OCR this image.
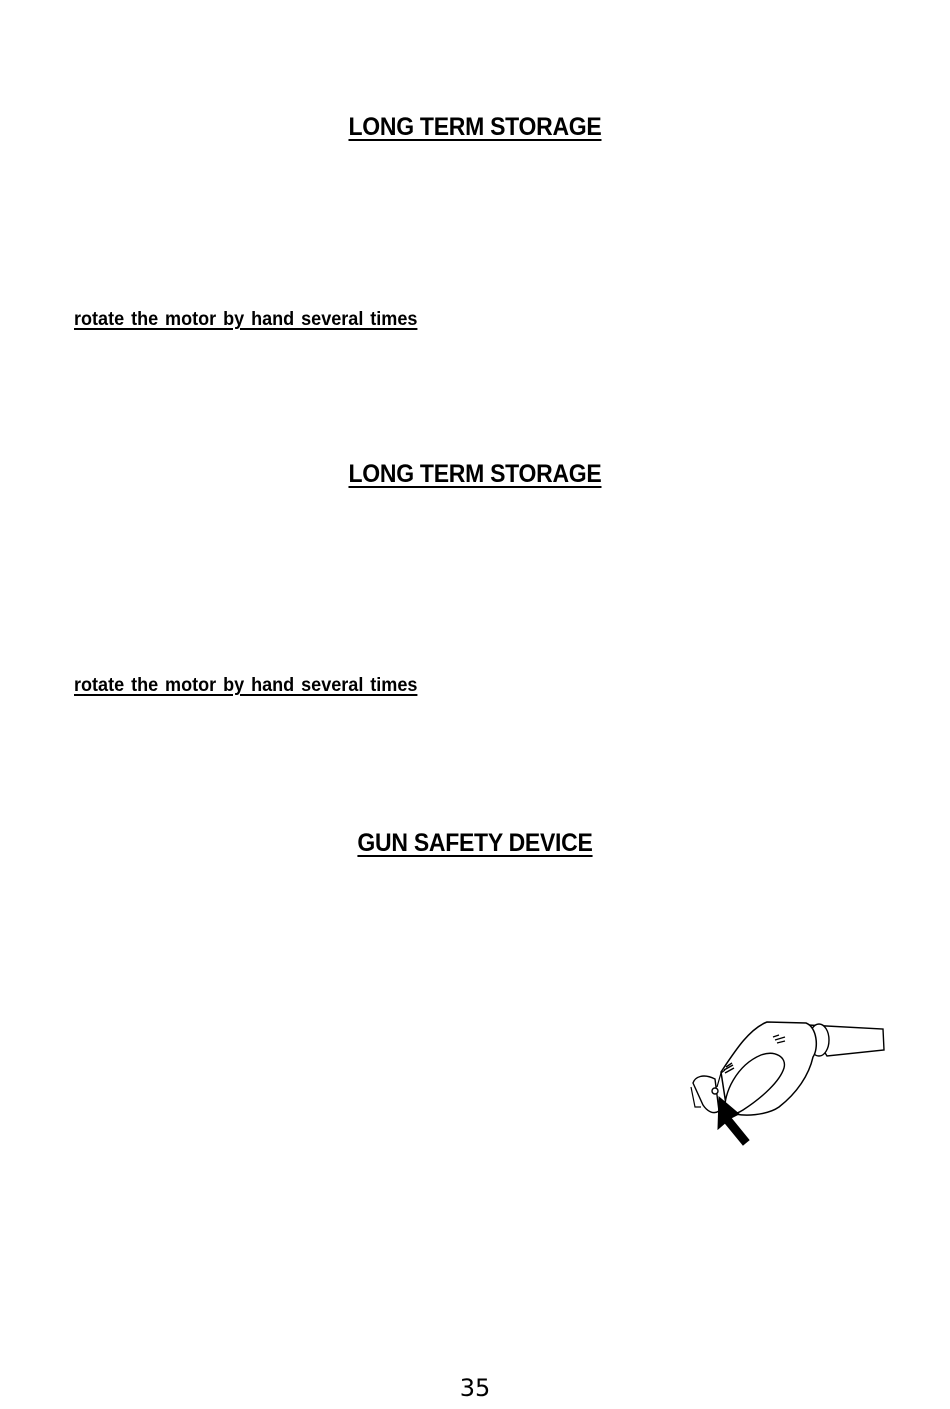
LONG TERM STORAGE
rotate the motor by hand several times
LONG TERM STORAGE
rotate the motor by hand several times
GUN SAFETY DEVICE
35
